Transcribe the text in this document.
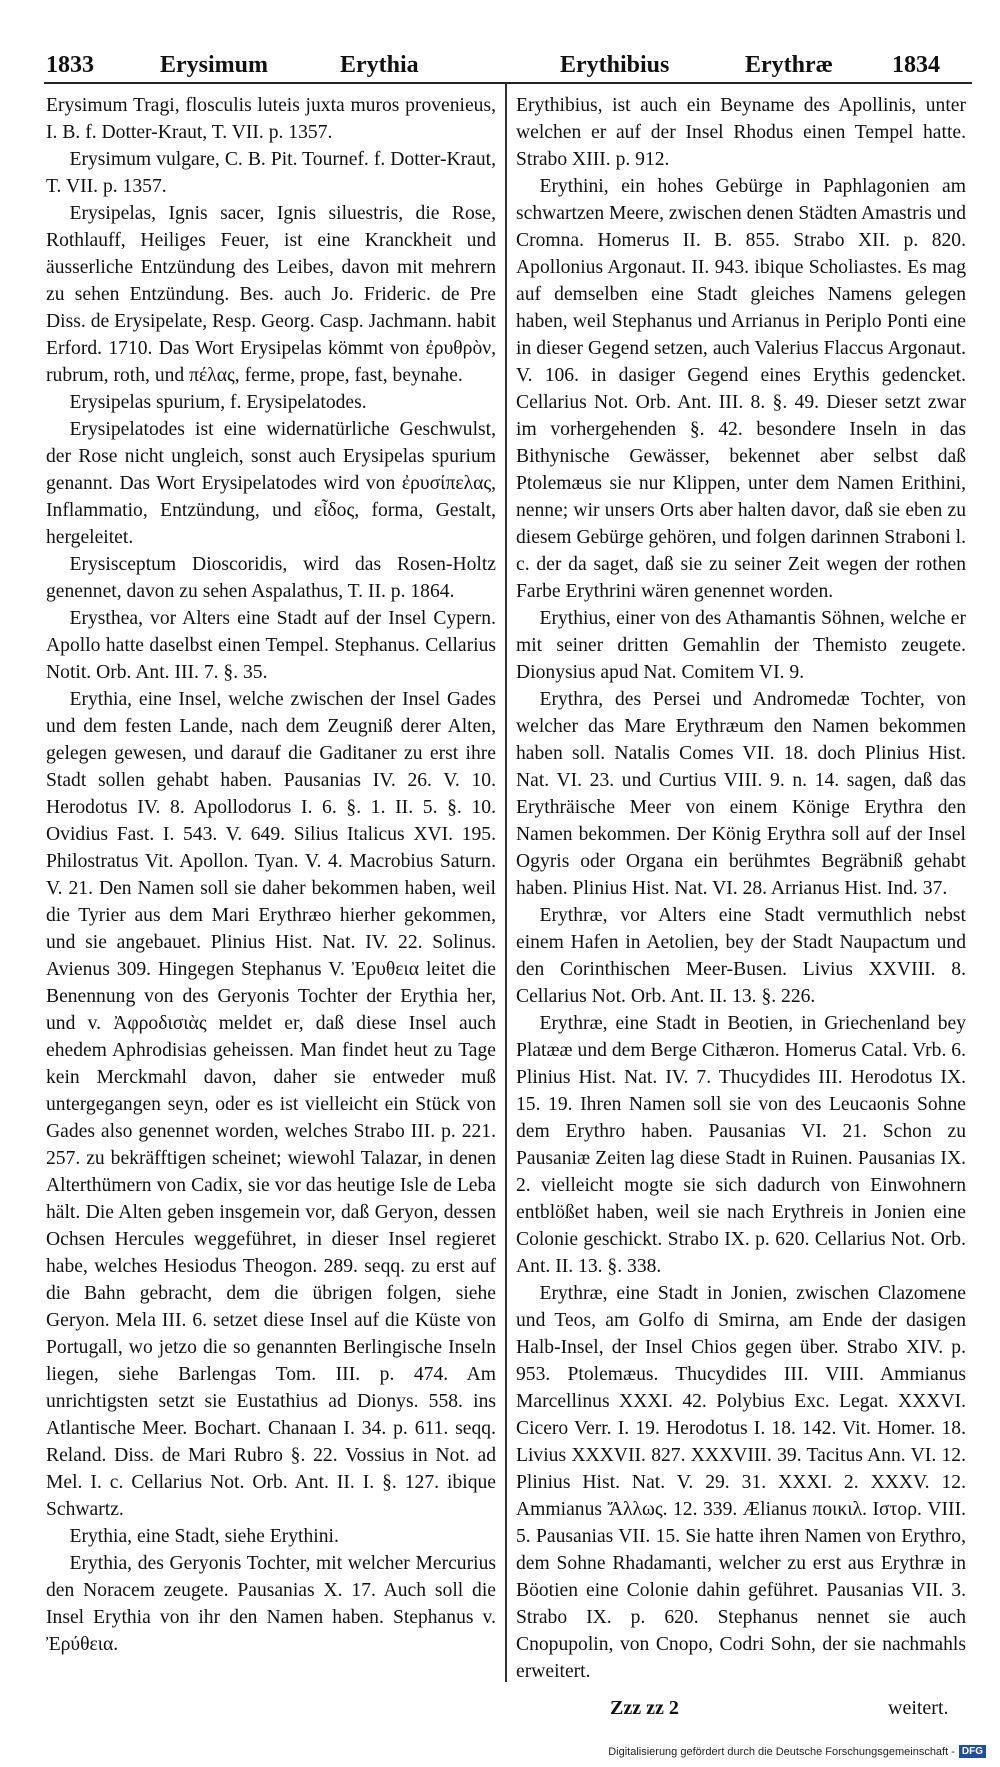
1833	Erysimum	Erythia	Erythibius	Erythræ 1834

Erysimum Tragi, flosculis luteis juxta muros provenieus, I. B. f. Dotter-Kraut, T. VII. p. 1357.

Erysimum vulgare, C. B. Pit. Tournef. f. Dotter-Kraut, T. VII. p. 1357.

Erysipelas, Ignis sacer, Ignis siluestris, die Rose, Rothlauff, Heiliges Feuer, ist eine Kranckheit und äusserliche Entzündung des Leibes, davon mit mehrern zu sehen Entzündung. Bes. auch Jo. Frideric. de Pre Diss. de Erysipelate, Resp. Georg. Casp. Jachmann. habit Erford. 1710. Das Wort Erysipelas kömmt von ἐρυθρὸν, rubrum, roth, und πέλας, ferme, prope, fast, beynahe.

Erysipelas spurium, f. Erysipelatodes.

Erysipelatodes ist eine widernatürliche Geschwulst, der Rose nicht ungleich, sonst auch Erysipelas spurium genannt. Das Wort Erysipelatodes wird von ἐρυσίπελας, Inflammatio, Entzündung, und εἶδος, forma, Gestalt, hergeleitet.

Erysisceptum Dioscoridis, wird das Rosen-Holtz genennet, davon zu sehen Aspalathus, T. II. p. 1864.

Erysthea, vor Alters eine Stadt auf der Insel Cypern. Apollo hatte daselbst einen Tempel. Stephanus. Cellarius Notit. Orb. Ant. III. 7. §. 35.

Erythia, eine Insel, welche zwischen der Insel Gades und dem festen Lande, nach dem Zeugniß derer Alten, gelegen gewesen, und darauf die Gaditaner zu erst ihre Stadt sollen gehabt haben. Pausanias IV. 26. V. 10. Herodotus IV. 8. Apollodorus I. 6. §. 1. II. 5. §. 10. Ovidius Fast. I. 543. V. 649. Silius Italicus XVI. 195. Philostratus Vit. Apollon. Tyan. V. 4. Macrobius Saturn. V. 21. Den Namen soll sie daher bekommen haben, weil die Tyrier aus dem Mari Erythræo hierher gekommen, und sie angebauet. Plinius Hist. Nat. IV. 22. Solinus. Avienus 309. Hingegen Stephanus V. Ἐρυθεια leitet die Benennung von des Geryonis Tochter der Erythia her, und v. Ἀφροδισιὰς meldet er, daß diese Insel auch ehedem Aphrodisias geheissen. Man findet heut zu Tage kein Merckmahl davon, daher sie entweder muß untergegangen seyn, oder es ist vielleicht ein Stück von Gades also genennet worden, welches Strabo III. p. 221. 257. zu bekräfftigen scheinet; wiewohl Talazar, in denen Alterthümern von Cadix, sie vor das heutige Isle de Leba hält. Die Alten geben insgemein vor, daß Geryon, dessen Ochsen Hercules weggeführet, in dieser Insel regieret habe, welches Hesiodus Theogon. 289. seqq. zu erst auf die Bahn gebracht, dem die übrigen folgen, siehe Geryon. Mela III. 6. setzet diese Insel auf die Küste von Portugall, wo jetzo die so genannten Berlingische Inseln liegen, siehe Barlengas Tom. III. p. 474. Am unrichtigsten setzt sie Eustathius ad Dionys. 558. ins Atlantische Meer. Bochart. Chanaan I. 34. p. 611. seqq. Reland. Diss. de Mari Rubro §. 22. Vossius in Not. ad Mel. I. c. Cellarius Not. Orb. Ant. II. I. §. 127. ibique Schwartz.

Erythia, eine Stadt, siehe Erythini.

Erythia, des Geryonis Tochter, mit welcher Mercurius den Noracem zeugete. Pausanias X. 17. Auch soll die Insel Erythia von ihr den Namen haben. Stephanus v. Ἐρύθεια.

Erythibius, ist auch ein Beyname des Apollinis, unter welchen er auf der Insel Rhodus einen Tempel hatte. Strabo XIII. p. 912.

Erythini, ein hohes Gebürge in Paphlagonien am schwartzen Meere, zwischen denen Städten Amastris und Cromna. Homerus II. B. 855. Strabo XII. p. 820. Apollonius Argonaut. II. 943. ibique Scholiastes. Es mag auf demselben eine Stadt gleiches Namens gelegen haben, weil Stephanus und Arrianus in Periplo Ponti eine in dieser Gegend setzen, auch Valerius Flaccus Argonaut. V. 106. in dasiger Gegend eines Erythis gedencket. Cellarius Not. Orb. Ant. III. 8. §. 49. Dieser setzt zwar im vorhergehenden §. 42. besondere Inseln in das Bithynische Gewässer, bekennet aber selbst daß Ptolemæus sie nur Klippen, unter dem Namen Erithini, nenne; wir unsers Orts aber halten davor, daß sie eben zu diesem Gebürge gehören, und folgen darinnen Straboni l. c. der da saget, daß sie zu seiner Zeit wegen der rothen Farbe Erythrini wären genennet worden.

Erythius, einer von des Athamantis Söhnen, welche er mit seiner dritten Gemahlin der Themisto zeugete. Dionysius apud Nat. Comitem VI. 9.

Erythra, des Persei und Andromedæ Tochter, von welcher das Mare Erythræum den Namen bekommen haben soll. Natalis Comes VII. 18. doch Plinius Hist. Nat. VI. 23. und Curtius VIII. 9. n. 14. sagen, daß das Erythräische Meer von einem Könige Erythra den Namen bekommen. Der König Erythra soll auf der Insel Ogyris oder Organa ein berühmtes Begräbniß gehabt haben. Plinius Hist. Nat. VI. 28. Arrianus Hist. Ind. 37.

Erythræ, vor Alters eine Stadt vermuthlich nebst einem Hafen in Aetolien, bey der Stadt Naupactum und den Corinthischen Meer-Busen. Livius XXVIII. 8. Cellarius Not. Orb. Ant. II. 13. §. 226.

Erythræ, eine Stadt in Beotien, in Griechenland bey Platææ und dem Berge Cithæron. Homerus Catal. Vrb. 6. Plinius Hist. Nat. IV. 7. Thucydides III. Herodotus IX. 15. 19. Ihren Namen soll sie von des Leucaonis Sohne dem Erythro haben. Pausanias VI. 21. Schon zu Pausaniæ Zeiten lag diese Stadt in Ruinen. Pausanias IX. 2. vielleicht mogte sie sich dadurch von Einwohnern entblößet haben, weil sie nach Erythreis in Jonien eine Colonie geschickt. Strabo IX. p. 620. Cellarius Not. Orb. Ant. II. 13. §. 338.

Erythræ, eine Stadt in Jonien, zwischen Clazomene und Teos, am Golfo di Smirna, am Ende der dasigen Halb-Insel, der Insel Chios gegen über. Strabo XIV. p. 953. Ptolemæus. Thucydides III. VIII. Ammianus Marcellinus XXXI. 42. Polybius Exc. Legat. XXXVI. Cicero Verr. I. 19. Herodotus I. 18. 142. Vit. Homer. 18. Livius XXXVII. 827. XXXVIII. 39. Tacitus Ann. VI. 12. Plinius Hist. Nat. V. 29. 31. XXXI. 2. XXXV. 12. Ammianus Ἄλλως. 12. 339. Ælianus ποικιλ. Ιστορ. VIII. 5. Pausanias VII. 15. Sie hatte ihren Namen von Erythro, dem Sohne Rhadamanti, welcher zu erst aus Erythræ in Böotien eine Colonie dahin geführet. Pausanias VII. 3. Strabo IX. p. 620. Stephanus nennet sie auch Cnopupolin, von Cnopo, Codri Sohn, der sie nachmahls erweitert.

Zzz zz 2	weitert.
Digitalisierung gefördert durch die Deutsche Forschungsgemeinschaft - DFG
